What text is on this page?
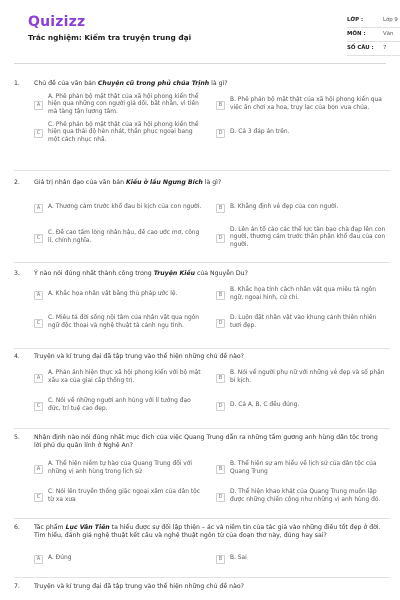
Quizizz
Trắc nghiệm: Kiểm tra truyện trung đại
LỚP :	Lớp 9
MÔN :	Văn
SỐ CÂU : 7
1. Chủ đề của văn bản Chuyện cũ trong phủ chúa Trịnh là gì?
A
A. Phê phán bộ mặt thật của xã hội phong kiến thể hiện qua những con người giả dối, bất nhân, vì tiền mà tàng tận lương tâm.
B
B. Phê phán bộ mặt thật của xã hội phong kiến qua việc ăn chơi xa hoa, trụy lạc của bọn vua chúa.
C
C. Phê phán bộ mặt thật của xã hội phong kiến thể hiện qua thái độ hèn nhát, thần phục ngoại bang một cách nhục nhã.
D	D. Cả 3 đáp án trên.
2. Giá trị nhân đạo của văn bản Kiều ở lầu Ngưng Bích là gì?
A	A. Thương cảm trước khổ đau bi kịch của con người.	B	B. Khẳng định vẻ đẹp của con người.
C
C. Đề cao tấm lòng nhân hậu, đề cao ước mơ, công lí, chính nghĩa.
D
D. Lên án tố cáo các thế lực tàn bạo chà đạp lên con người, thương cảm trước thân phận khổ đau của con người.
3. Ý nào nói đúng nhất thành công trong Truyện Kiều của Nguyễn Du?
A	A. Khắc họa nhân vật bằng thủ pháp ước lệ.	B
B. Khắc họa tính cách nhân vật qua miêu tả ngôn ngữ, ngoại hình, cử chỉ.
C
C. Miêu tả đời sống nội tâm của nhân vật qua ngôn ngữ độc thoại và nghệ thuật tả cảnh ngụ tình.
D
D. Luôn đặt nhân vật vào khung cảnh thiên nhiên tươi đẹp.
4. Truyện và kí trung đại đã tập trung vào thể hiện những chủ đề nào?
A
A. Phản ánh hiện thực xã hội phong kiến với bộ mặt xấu xa của giai cấp thống trị.
B
B. Nói về người phụ nữ với những vẻ đẹp và số phận bi kịch.
C
C. Nói về những người anh hùng với lí tưởng đạo đức, trí tuệ cao đẹp.
D	D. Cả A, B, C đều đúng.
5. Nhận định nào nói đúng nhất mục đích của việc Quang Trung dẫn ra những tấm gương anh hùng dân tộc trong lời phủ dụ quân lính ở Nghệ An?
A
A. Thể hiện niềm tự hào của Quang Trung đối với những vị anh hùng trong lịch sử
B
B. Thể hiện sự am hiểu về lịch sử của dân tộc của Quang Trung
C
C. Nói lên truyền thống giặc ngoại xâm của dân tộc từ xa xưa
D
D. Thể hiện khao khát của Quang Trung muốn lập được những chiến công như những vị anh hùng đó.
6. Tác phẩm Lục Vân Tiên ta hiểu được sự đối lập thiện – ác và niềm tin của tác giả vào những điều tốt đẹp ở đời. Tìm hiểu, đánh giá nghệ thuật kết cấu và nghệ thuật ngôn từ của đoạn thơ này, đúng hay sai?
A	A. Đúng	B	B. Sai
7. Truyện và kí trung đại đã tập trung vào thể hiện những chủ đề nào?
